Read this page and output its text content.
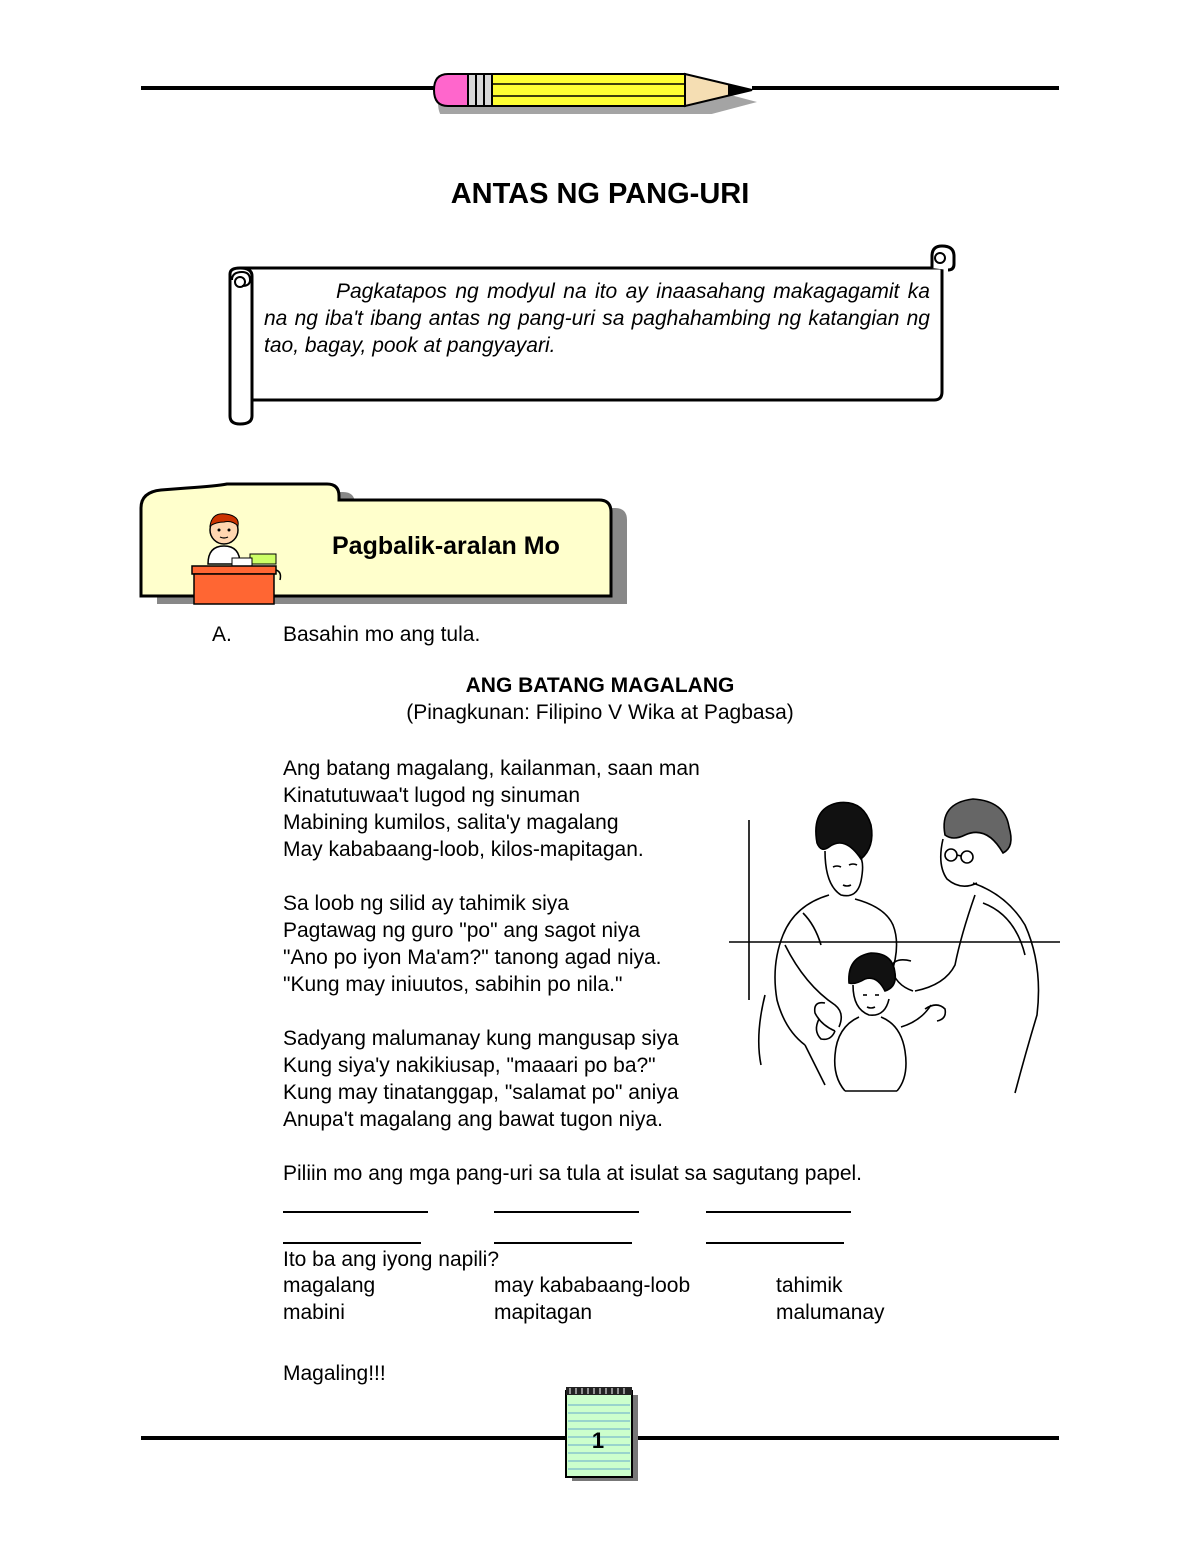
ANTAS NG PANG-URI
Pagkatapos ng modyul na ito ay inaasahang makagagamit ka na ng iba't ibang antas ng pang-uri sa paghahambing ng katangian ng tao, bagay, pook at pangyayari.
Pagbalik-aralan Mo
A. Basahin mo ang tula.
ANG BATANG MAGALANG
(Pinagkunan: Filipino V Wika at Pagbasa)
Ang batang magalang, kailanman, saan man
Kinatutuwaa't lugod ng sinuman
Mabining kumilos, salita'y magalang
May kababaang-loob, kilos-mapitagan.
Sa loob ng silid ay tahimik siya
Pagtawag ng guro "po" ang sagot niya
"Ano po iyon Ma'am?" tanong agad niya.
"Kung may iniuutos, sabihin po nila."
Sadyang malumanay kung mangusap siya
Kung siya'y nakikiusap, "maaari po ba?"
Kung may tinatanggap, "salamat po" aniya
Anupa't magalang ang bawat tugon niya.
Piliin mo ang mga pang-uri sa tula at isulat sa sagutang papel.
Ito ba ang iyong napili?
magalang	may kababaang-loob	tahimik
mabini	mapitagan	malumanay
Magaling!!!
1
